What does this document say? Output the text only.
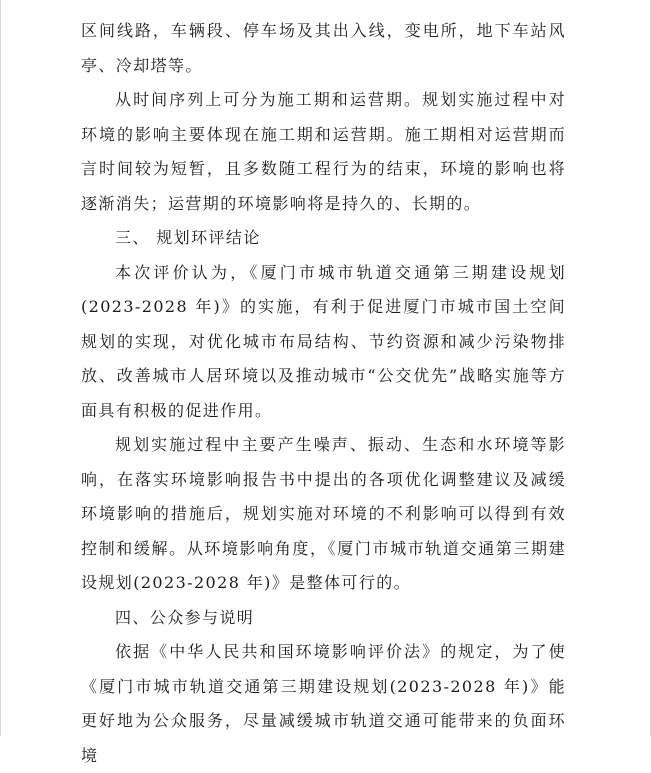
区间线路，车辆段、停车场及其出入线，变电所，地下车站风亭、冷却塔等。

从时间序列上可分为施工期和运营期。规划实施过程中对环境的影响主要体现在施工期和运营期。施工期相对运营期而言时间较为短暂，且多数随工程行为的结束，环境的影响也将逐渐消失；运营期的环境影响将是持久的、长期的。

三、 规划环评结论

本次评价认为，《厦门市城市轨道交通第三期建设规划(2023-2028 年)》的实施，有利于促进厦门市城市国土空间规划的实现，对优化城市布局结构、节约资源和减少污染物排放、改善城市人居环境以及推动城市“公交优先”战略实施等方面具有积极的促进作用。

规划实施过程中主要产生噪声、振动、生态和水环境等影响，在落实环境影响报告书中提出的各项优化调整建议及减缓环境影响的措施后，规划实施对环境的不利影响可以得到有效控制和缓解。从环境影响角度，《厦门市城市轨道交通第三期建设规划(2023-2028 年)》是整体可行的。

四、公众参与说明

依据《中华人民共和国环境影响评价法》的规定，为了使《厦门市城市轨道交通第三期建设规划(2023-2028 年)》能更好地为公众服务，尽量减缓城市轨道交通可能带来的负面环境
